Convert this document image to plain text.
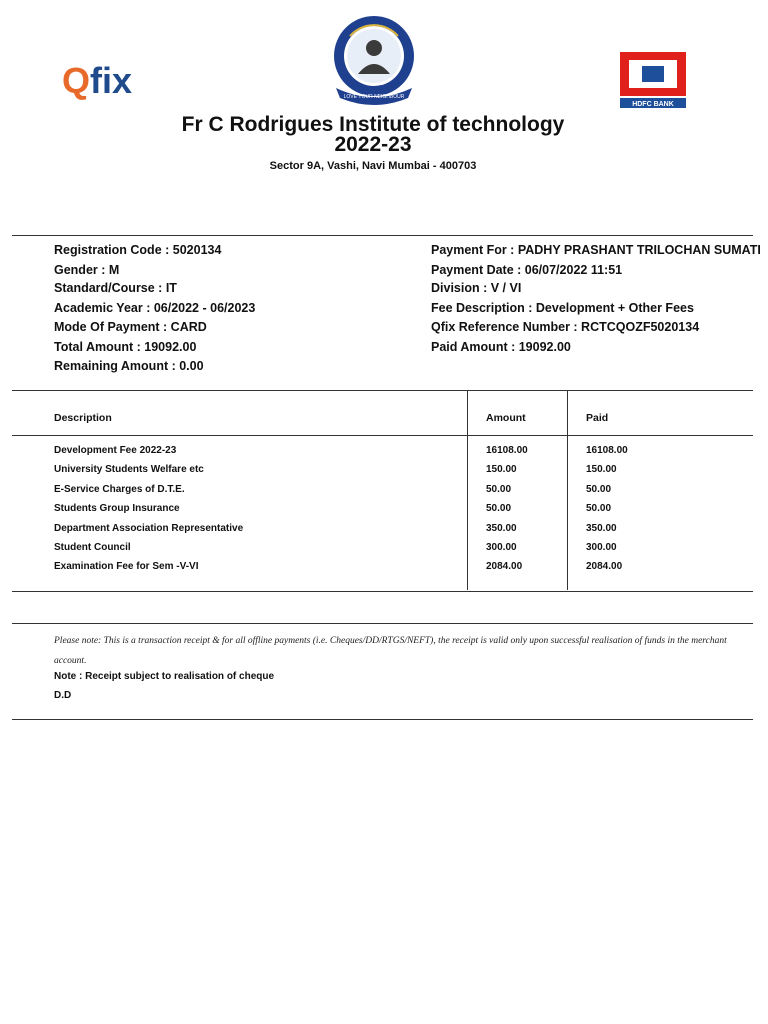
Qfix	LOVE YOUR NEIGHBOUR
HDFC BANK
Fr C Rodrigues Institute of technology
2022-23
Sector 9A, Vashi, Navi Mumbai - 400703
Registration Code : 5020134
Gender : M
Standard/Course : IT
Academic Year : 06/2022 - 06/2023
Mode Of Payment : CARD
Total Amount : 19092.00
Remaining Amount : 0.00
Payment For : PADHY PRASHANT TRILOCHAN SUMATI
Payment Date : 06/07/2022 11:51
Division : V / VI
Fee Description : Development + Other Fees
Qfix Reference Number : RCTCQOZF5020134
Paid Amount : 19092.00
Description	Amount	Paid
Development Fee 2022-23	16108.00	16108.00
University Students Welfare etc	150.00	150.00
E-Service Charges of D.T.E.	50.00	50.00
Students Group Insurance	50.00	50.00
Department Association Representative	350.00	350.00
Student Council	300.00	300.00
Examination Fee for Sem -V-VI	2084.00	2084.00
Please note: This is a transaction receipt & for all offline payments (i.e. Cheques/DD/RTGS/NEFT), the receipt is valid only upon successful realisation of funds in the merchant account.
Note : Receipt subject to realisation of cheque
D.D
